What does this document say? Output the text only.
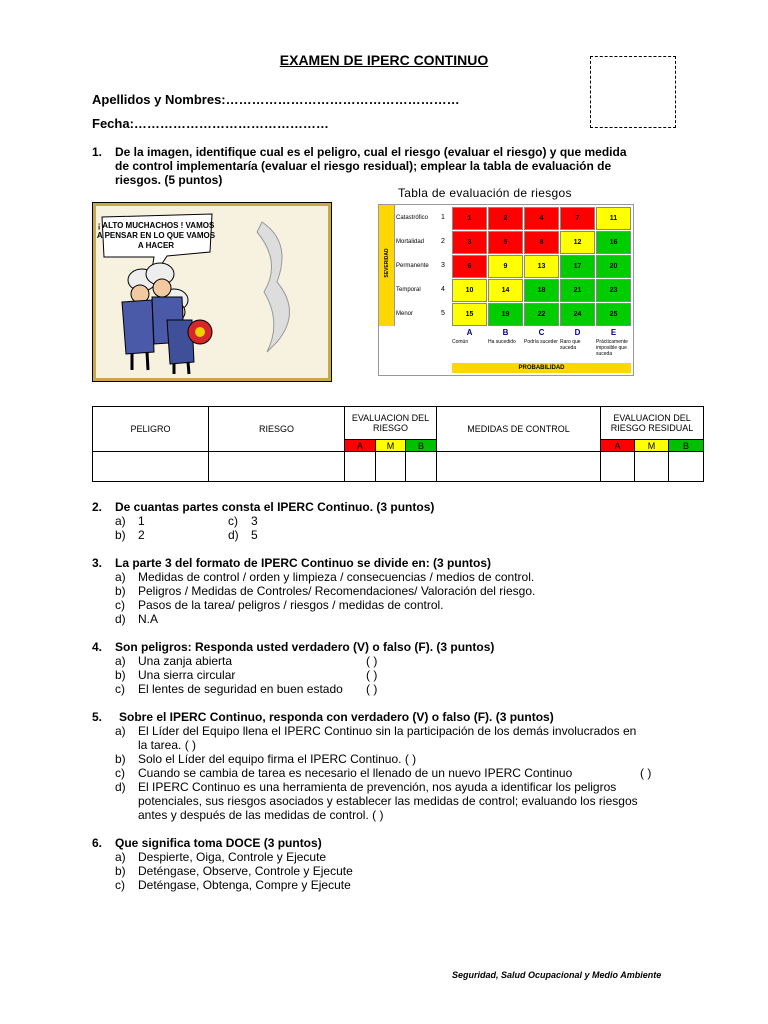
EXAMEN DE IPERC CONTINUO
Apellidos y Nombres:………………………………………………
Fecha:………………………………………
1. De la imagen, identifique cual es el peligro, cual el riesgo (evaluar el riesgo) y que medida
de control implementaría (evaluar el riesgo residual); emplear la tabla de evaluación de
riesgos. (5 puntos)
¡ ALTO MUCHACHOS ! VAMOS
A PENSAR EN LO QUE VAMOS
A HACER
Tabla de evaluación de riesgos
SEVERIDAD
Catastrófico 1	1	2	4	7	11
Mortalidad 2	3	5	8	12	16
Permanente 3	6	9	13	17	20
Temporal	4	10	14	18	21	23
Menor	5	15	19	22	24	25
A
Común
B
Ha sucedido
C
Podría suceder
D
Raro que suceda
E
Prácticamente imposible que suceda
PROBABILIDAD
PELIGRO	RIESGO	EVALUACION DEL RIESGO			MEDIDAS DE CONTROL	EVALUACION DEL RIESGO RESIDUAL		
		A	M	B		A	M	B

2. De cuantas partes consta el IPERC Continuo. (3 puntos)
a) 1
b) 2
c) 3
d) 5
3. La parte 3 del formato de IPERC Continuo se divide en: (3 puntos)
a) Medidas de control / orden y limpieza / consecuencias / medios de control.
b) Peligros / Medidas de Controles/ Recomendaciones/ Valoración del riesgo.
c) Pasos de la tarea/ peligros / riesgos / medidas de control.
d) N.A
4. Son peligros: Responda usted verdadero (V) o falso (F). (3 puntos)
a) Una zanja abierta
b) Una sierra circular
c) El lentes de seguridad en buen estado
( )
( )
( )
5. Sobre el IPERC Continuo, responda con verdadero (V) o falso (F). (3 puntos)
a) El Líder del Equipo llena el IPERC Continuo sin la participación de los demás involucrados en
la tarea. ( )
b) Solo el Líder del equipo firma el IPERC Continuo. ( )
c) Cuando se cambia de tarea es necesario el llenado de un nuevo IPERC Continuo	( )
d) El IPERC Continuo es una herramienta de prevención, nos ayuda a identificar los peligros
potenciales, sus riesgos asociados y establecer las medidas de control; evaluando los riesgos
antes y después de las medidas de control. ( )
6. Que significa toma DOCE (3 puntos)
a) Despierte, Oiga, Controle y Ejecute
b) Deténgase, Observe, Controle y Ejecute
c) Deténgase, Obtenga, Compre y Ejecute
Seguridad, Salud Ocupacional y Medio Ambiente
